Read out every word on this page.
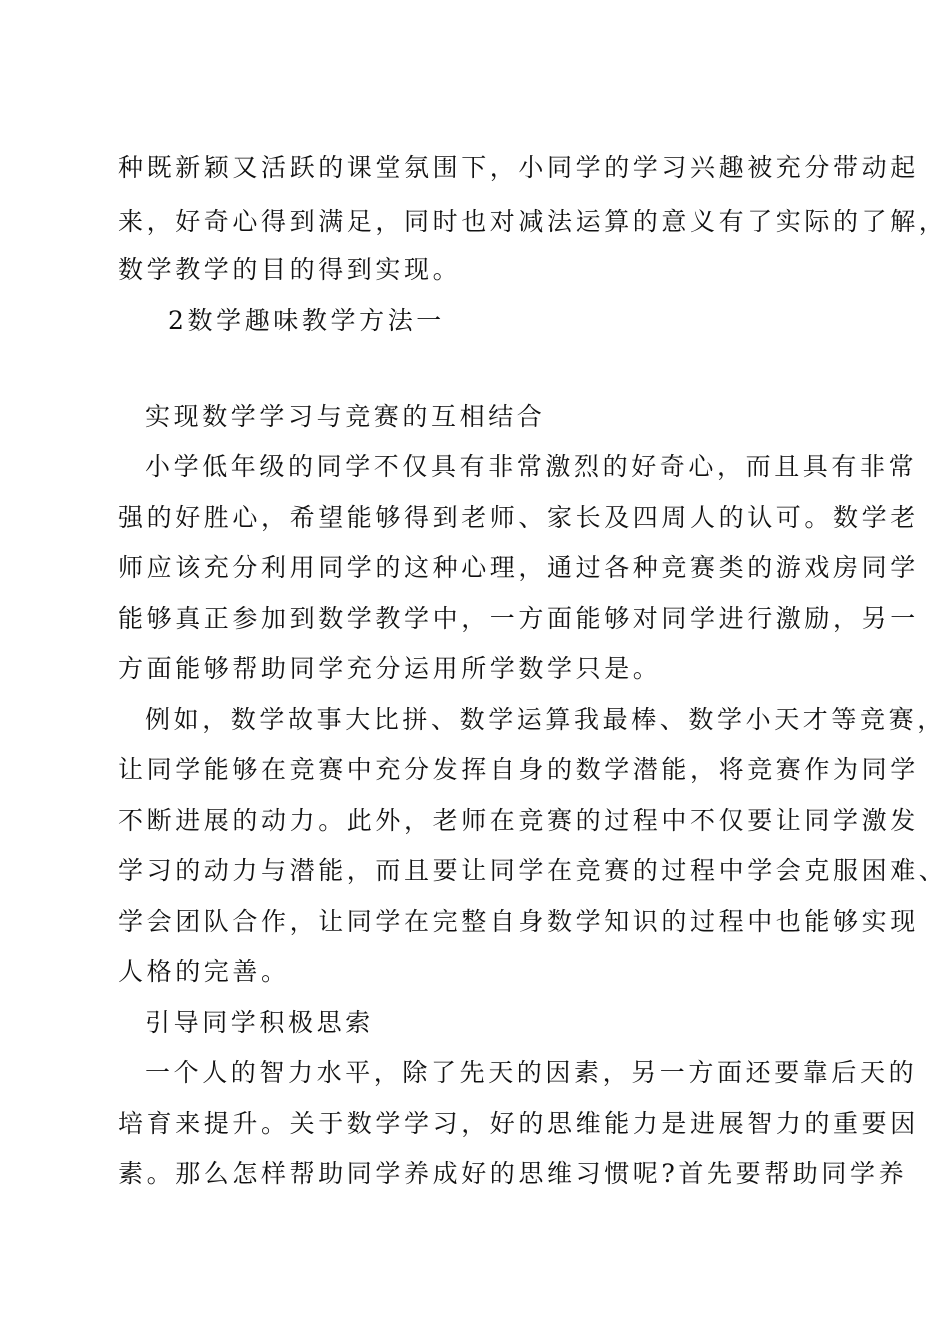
种既新颖又活跃的课堂氛围下，小同学的学习兴趣被充分带动起
来，好奇心得到满足，同时也对减法运算的意义有了实际的了解，
数学教学的目的得到实现。
2数学趣味教学方法一
实现数学学习与竞赛的互相结合
小学低年级的同学不仅具有非常激烈的好奇心，而且具有非常
强的好胜心，希望能够得到老师、家长及四周人的认可。数学老
师应该充分利用同学的这种心理，通过各种竞赛类的游戏房同学
能够真正参加到数学教学中，一方面能够对同学进行激励，另一
方面能够帮助同学充分运用所学数学只是。
例如，数学故事大比拼、数学运算我最棒、数学小天才等竞赛，
让同学能够在竞赛中充分发挥自身的数学潜能，将竞赛作为同学
不断进展的动力。此外，老师在竞赛的过程中不仅要让同学激发
学习的动力与潜能，而且要让同学在竞赛的过程中学会克服困难、
学会团队合作，让同学在完整自身数学知识的过程中也能够实现
人格的完善。
引导同学积极思索
一个人的智力水平，除了先天的因素，另一方面还要靠后天的
培育来提升。关于数学学习，好的思维能力是进展智力的重要因
素。那么怎样帮助同学养成好的思维习惯呢?首先要帮助同学养
